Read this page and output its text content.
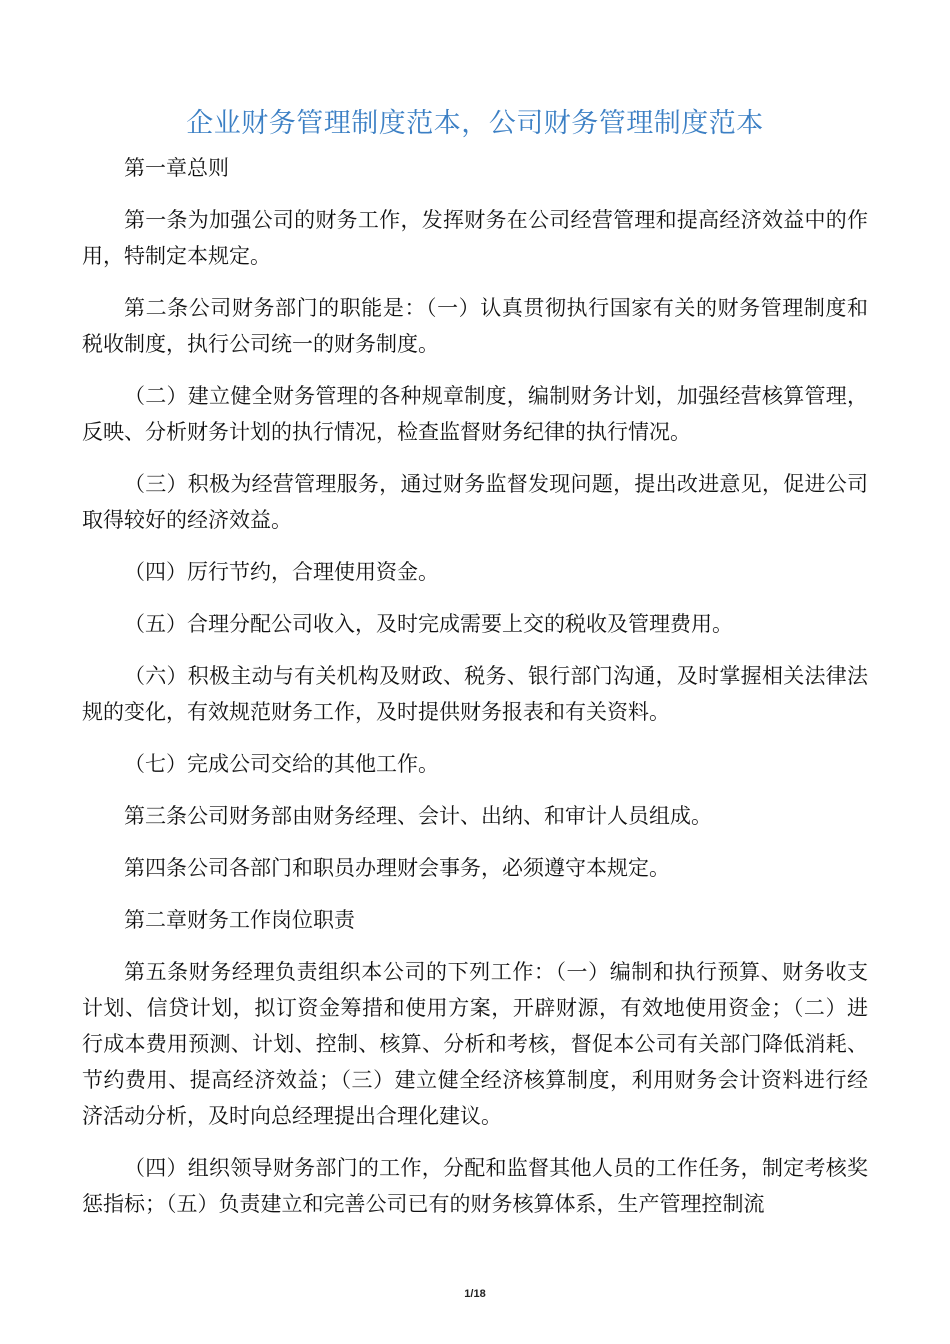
企业财务管理制度范本，公司财务管理制度范本

第一章总则

第一条为加强公司的财务工作，发挥财务在公司经营管理和提高经济效益中的作用，特制定本规定。

第二条公司财务部门的职能是：（一）认真贯彻执行国家有关的财务管理制度和税收制度，执行公司统一的财务制度。

（二）建立健全财务管理的各种规章制度，编制财务计划，加强经营核算管理，反映、分析财务计划的执行情况，检查监督财务纪律的执行情况。

（三）积极为经营管理服务，通过财务监督发现问题，提出改进意见，促进公司取得较好的经济效益。

（四）厉行节约，合理使用资金。

（五）合理分配公司收入，及时完成需要上交的税收及管理费用。

（六）积极主动与有关机构及财政、税务、银行部门沟通，及时掌握相关法律法规的变化，有效规范财务工作，及时提供财务报表和有关资料。

（七）完成公司交给的其他工作。

第三条公司财务部由财务经理、会计、出纳、和审计人员组成。

第四条公司各部门和职员办理财会事务，必须遵守本规定。

第二章财务工作岗位职责

第五条财务经理负责组织本公司的下列工作：（一）编制和执行预算、财务收支计划、信贷计划，拟订资金筹措和使用方案，开辟财源，有效地使用资金；（二）进行成本费用预测、计划、控制、核算、分析和考核，督促本公司有关部门降低消耗、节约费用、提高经济效益；（三）建立健全经济核算制度，利用财务会计资料进行经济活动分析，及时向总经理提出合理化建议。

（四）组织领导财务部门的工作，分配和监督其他人员的工作任务，制定考核奖惩指标；（五）负责建立和完善公司已有的财务核算体系，生产管理控制流

1/18
